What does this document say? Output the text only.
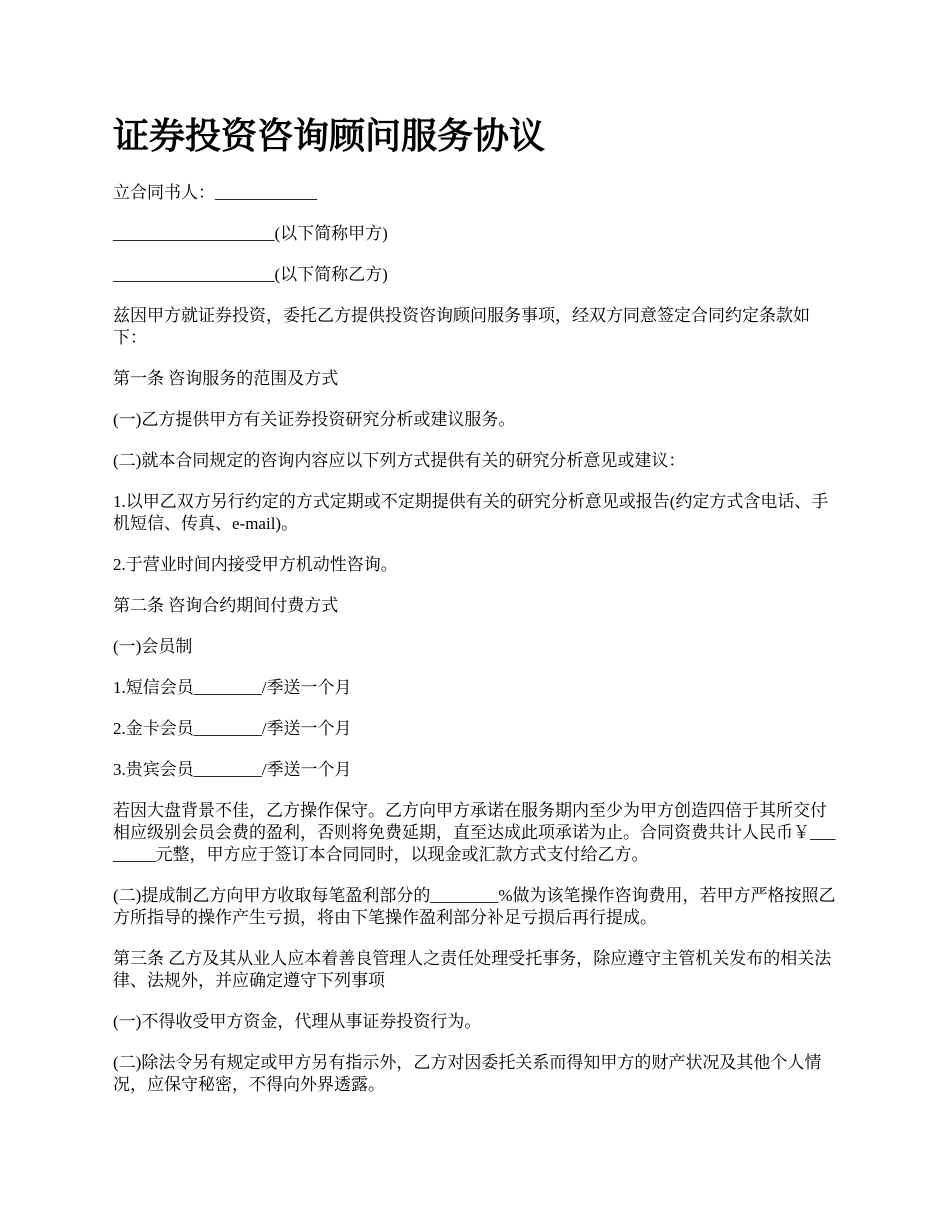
证券投资咨询顾问服务协议

立合同书人：____________

___________________(以下简称甲方)

___________________(以下简称乙方)

兹因甲方就证券投资，委托乙方提供投资咨询顾问服务事项，经双方同意签定合同约定条款如下：

第一条 咨询服务的范围及方式

(一)乙方提供甲方有关证券投资研究分析或建议服务。

(二)就本合同规定的咨询内容应以下列方式提供有关的研究分析意见或建议：

1.以甲乙双方另行约定的方式定期或不定期提供有关的研究分析意见或报告(约定方式含电话、手机短信、传真、e-mail)。

2.于营业时间内接受甲方机动性咨询。

第二条 咨询合约期间付费方式

(一)会员制

1.短信会员________/季送一个月

2.金卡会员________/季送一个月

3.贵宾会员________/季送一个月

若因大盘背景不佳，乙方操作保守。乙方向甲方承诺在服务期内至少为甲方创造四倍于其所交付相应级别会员会费的盈利，否则将免费延期，直至达成此项承诺为止。合同资费共计人民币￥________元整，甲方应于签订本合同同时，以现金或汇款方式支付给乙方。

(二)提成制乙方向甲方收取每笔盈利部分的________%做为该笔操作咨询费用，若甲方严格按照乙方所指导的操作产生亏损，将由下笔操作盈利部分补足亏损后再行提成。

第三条 乙方及其从业人应本着善良管理人之责任处理受托事务，除应遵守主管机关发布的相关法律、法规外，并应确定遵守下列事项

(一)不得收受甲方资金，代理从事证券投资行为。

(二)除法令另有规定或甲方另有指示外，乙方对因委托关系而得知甲方的财产状况及其他个人情况，应保守秘密，不得向外界透露。
